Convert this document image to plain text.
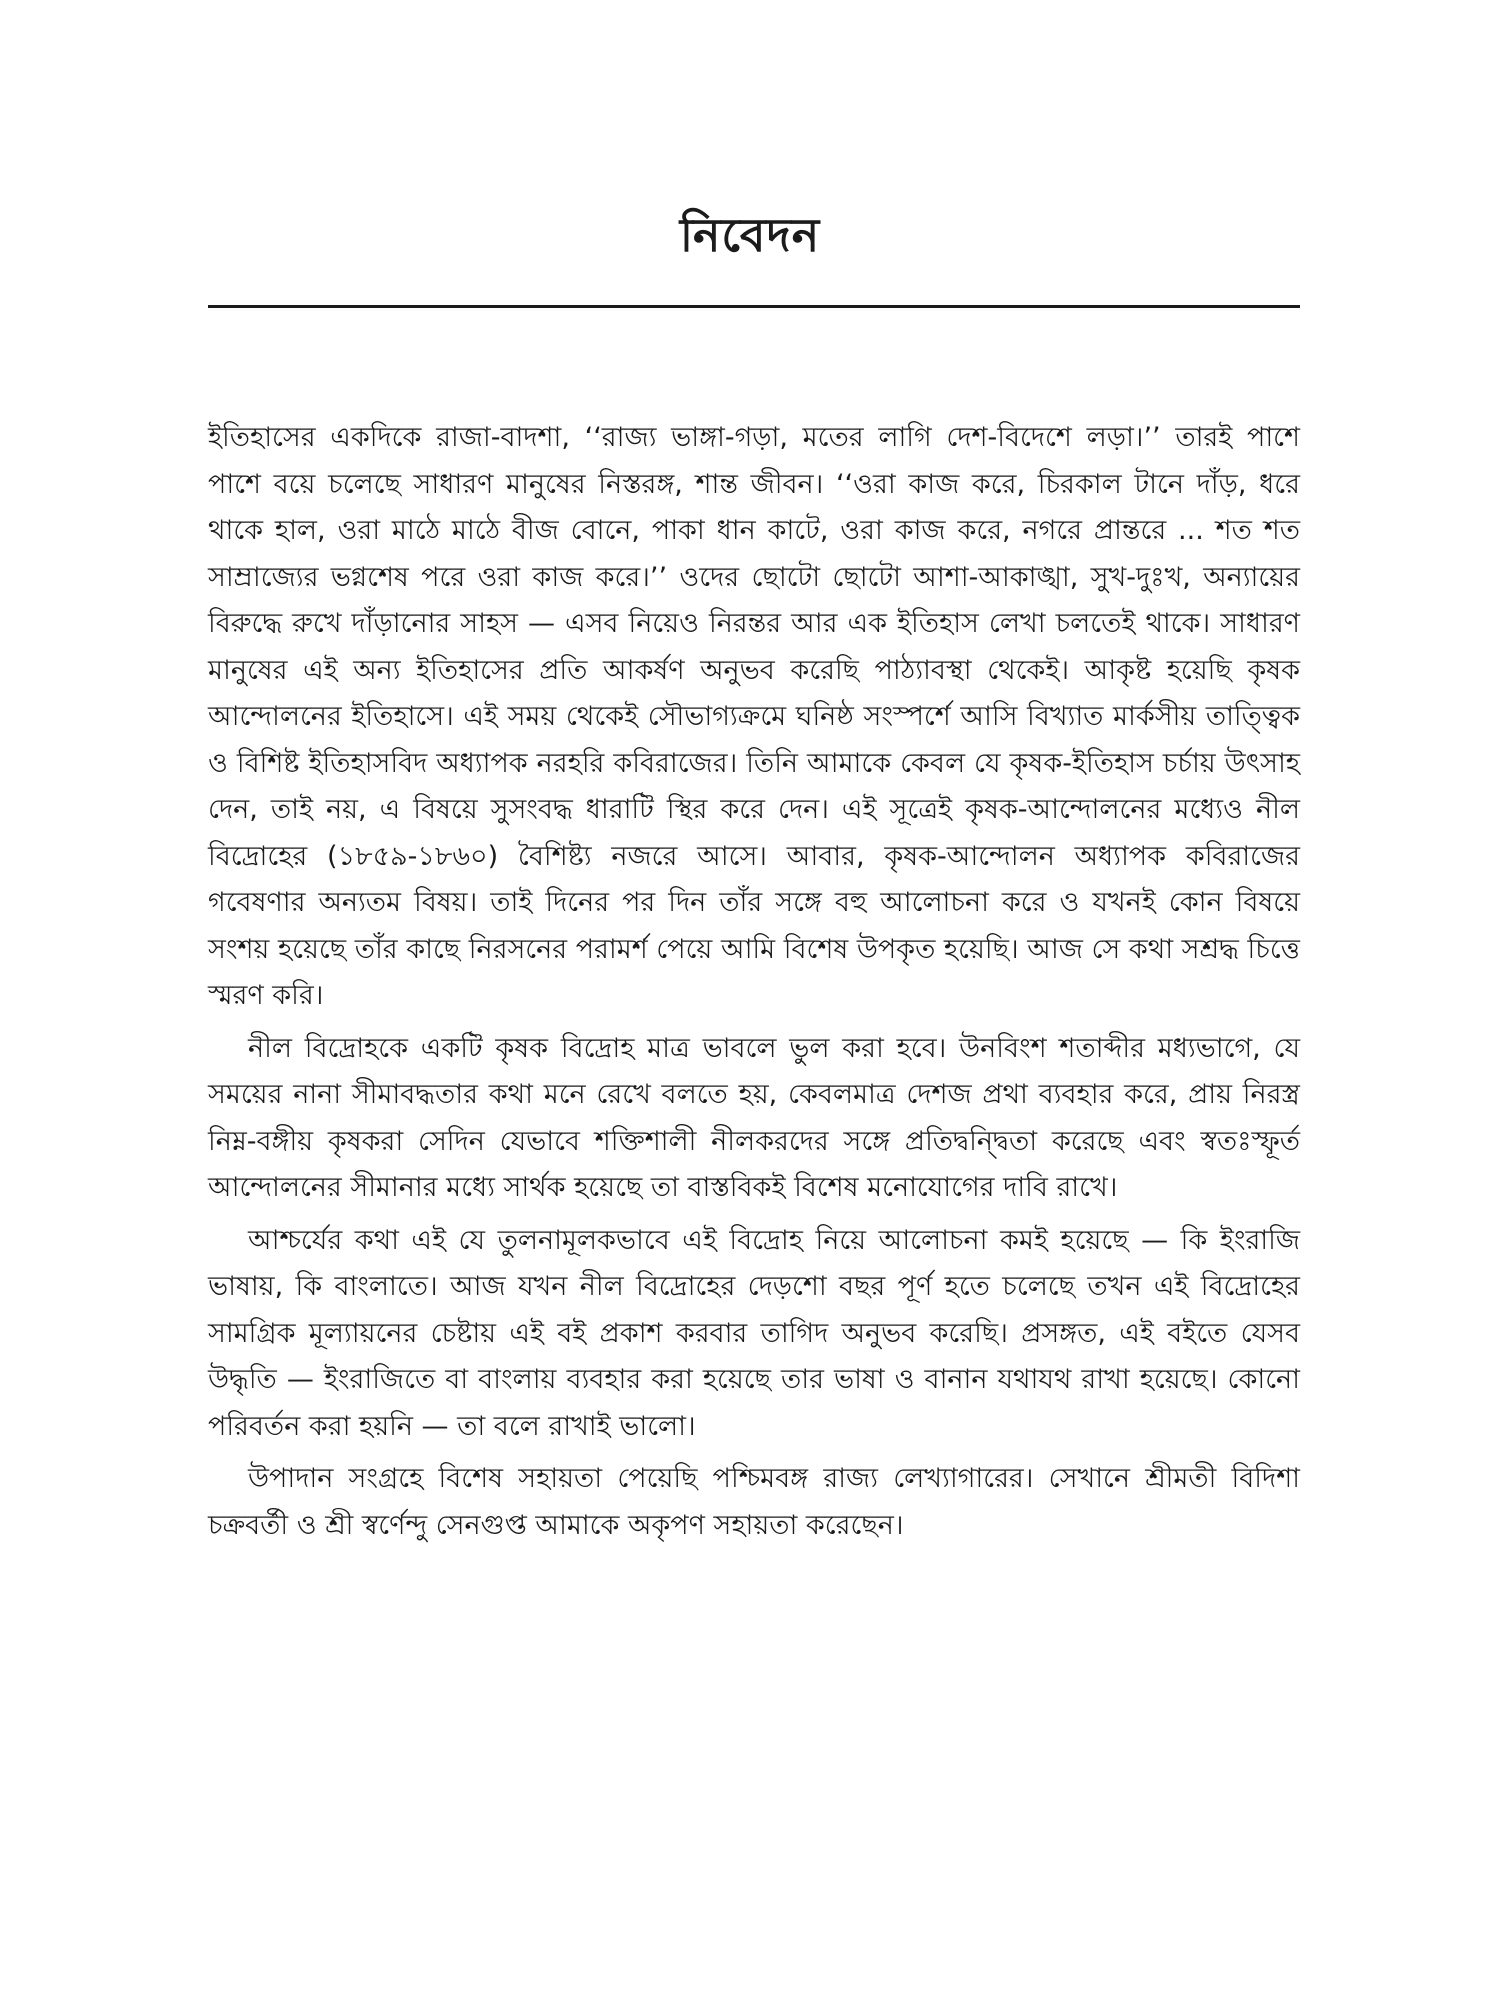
নিবেদন

ইতিহাসের একদিকে রাজা-বাদশা, ‘‘রাজ্য ভাঙ্গা-গড়া, মতের লাগি দেশ-বিদেশে লড়া।’’ তারই পাশে পাশে বয়ে চলেছে সাধারণ মানুষের নিস্তরঙ্গ, শান্ত জীবন। ‘‘ওরা কাজ করে, চিরকাল টানে দাঁড়, ধরে থাকে হাল, ওরা মাঠে মাঠে বীজ বোনে, পাকা ধান কাটে, ওরা কাজ করে, নগরে প্রান্তরে ... শত শত সাম্রাজ্যের ভগ্নশেষ পরে ওরা কাজ করে।’’ ওদের ছোটো ছোটো আশা-আকাঙ্খা, সুখ-দুঃখ, অন্যায়ের বিরুদ্ধে রুখে দাঁড়ানোর সাহস — এসব নিয়েও নিরন্তর আর এক ইতিহাস লেখা চলতেই থাকে। সাধারণ মানুষের এই অন্য ইতিহাসের প্রতি আকর্ষণ অনুভব করেছি পাঠ্যাবস্থা থেকেই। আকৃষ্ট হয়েছি কৃষক আন্দোলনের ইতিহাসে। এই সময় থেকেই সৌভাগ্যক্রমে ঘনিষ্ঠ সংস্পর্শে আসি বিখ্যাত মার্কসীয় তাত্ত্বিক ও বিশিষ্ট ইতিহাসবিদ অধ্যাপক নরহরি কবিরাজের। তিনি আমাকে কেবল যে কৃষক-ইতিহাস চর্চায় উৎসাহ দেন, তাই নয়, এ বিষয়ে সুসংবদ্ধ ধারাটি স্থির করে দেন। এই সূত্রেই কৃষক-আন্দোলনের মধ্যেও নীল বিদ্রোহের (১৮৫৯-১৮৬০) বৈশিষ্ট্য নজরে আসে। আবার, কৃষক-আন্দোলন অধ্যাপক কবিরাজের গবেষণার অন্যতম বিষয়। তাই দিনের পর দিন তাঁর সঙ্গে বহু আলোচনা করে ও যখনই কোন বিষয়ে সংশয় হয়েছে তাঁর কাছে নিরসনের পরামর্শ পেয়ে আমি বিশেষ উপকৃত হয়েছি। আজ সে কথা সশ্রদ্ধ চিত্তে স্মরণ করি।

নীল বিদ্রোহকে একটি কৃষক বিদ্রোহ মাত্র ভাবলে ভুল করা হবে। উনবিংশ শতাব্দীর মধ্যভাগে, যে সময়ের নানা সীমাবদ্ধতার কথা মনে রেখে বলতে হয়, কেবলমাত্র দেশজ প্রথা ব্যবহার করে, প্রায় নিরস্ত্র নিম্ন-বঙ্গীয় কৃষকরা সেদিন যেভাবে শক্তিশালী নীলকরদের সঙ্গে প্রতিদ্বন্দ্বিতা করেছে এবং স্বতঃস্ফূর্ত আন্দোলনের সীমানার মধ্যে সার্থক হয়েছে তা বাস্তবিকই বিশেষ মনোযোগের দাবি রাখে।

আশ্চর্যের কথা এই যে তুলনামূলকভাবে এই বিদ্রোহ নিয়ে আলোচনা কমই হয়েছে — কি ইংরাজি ভাষায়, কি বাংলাতে। আজ যখন নীল বিদ্রোহের দেড়শো বছর পূর্ণ হতে চলেছে তখন এই বিদ্রোহের সামগ্রিক মূল্যায়নের চেষ্টায় এই বই প্রকাশ করবার তাগিদ অনুভব করেছি। প্রসঙ্গত, এই বইতে যেসব উদ্ধৃতি — ইংরাজিতে বা বাংলায় ব্যবহার করা হয়েছে তার ভাষা ও বানান যথাযথ রাখা হয়েছে। কোনো পরিবর্তন করা হয়নি — তা বলে রাখাই ভালো।

উপাদান সংগ্রহে বিশেষ সহায়তা পেয়েছি পশ্চিমবঙ্গ রাজ্য লেখ্যাগারের। সেখানে শ্রীমতী বিদিশা চক্রবর্তী ও শ্রী স্বর্ণেন্দু সেনগুপ্ত আমাকে অকৃপণ সহায়তা করেছেন।
